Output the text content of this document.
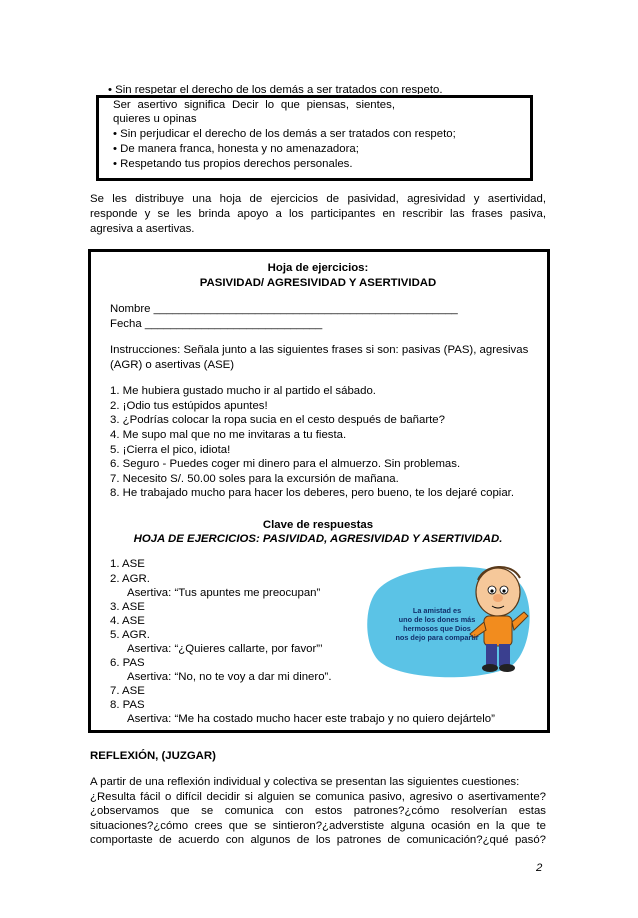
• Sin respetar el derecho de los demás a ser tratados con respeto.
Ser asertivo significa Decir lo que piensas, sientes,
quieres u opinas
• Sin perjudicar el derecho de los demás a ser tratados con respeto;
• De manera franca, honesta y no amenazadora;
• Respetando tus propios derechos personales.
Se les distribuye una hoja de ejercicios de pasividad, agresividad y asertividad,
responde y se les brinda apoyo a los participantes en rescribir las frases pasiva,
agresiva a asertivas.
Hoja de ejercicios:
PASIVIDAD/ AGRESIVIDAD Y ASERTIVIDAD
Nombre ________________________________________________
Fecha ____________________________
Instrucciones: Señala junto a las siguientes frases si son: pasivas (PAS), agresivas
(AGR) o asertivas (ASE)
1. Me hubiera gustado mucho ir al partido el sábado.
2. ¡Odio tus estúpidos apuntes!
3. ¿Podrías colocar la ropa sucia en el cesto después de bañarte?
4. Me supo mal que no me invitaras a tu fiesta.
5. ¡Cierra el pico, idiota!
6. Seguro - Puedes coger mi dinero para el almuerzo. Sin problemas.
7. Necesito S/. 50.00 soles para la excursión de mañana.
8. He trabajado mucho para hacer los deberes, pero bueno, te los dejaré copiar.
Clave de respuestas
HOJA DE EJERCICIOS: PASIVIDAD, AGRESIVIDAD Y ASERTIVIDAD.
1. ASE
2. AGR.
Asertiva: “Tus apuntes me preocupan”
3. ASE
4. ASE
5. AGR.
Asertiva: “¿Quieres callarte, por favor”’
6. PAS
Asertiva: “No, no te voy a dar mi dinero”.
7. ASE
8. PAS
Asertiva: “Me ha costado mucho hacer este trabajo y no quiero dejártelo”
La amistad es
uno de los dones más
hermosos que Dios
nos dejo para compartir
REFLEXIÓN, (JUZGAR)
A partir de una reflexión individual y colectiva se presentan las siguientes cuestiones:
¿Resulta fácil o difícil decidir si alguien se comunica pasivo, agresivo o asertivamente?
¿observamos que se comunica con estos patrones?¿cómo resolverían estas
situaciones?¿cómo crees que se sintieron?¿adverstiste alguna ocasión en la que te
comportaste de acuerdo con algunos de los patrones de comunicación?¿qué pasó?
2
